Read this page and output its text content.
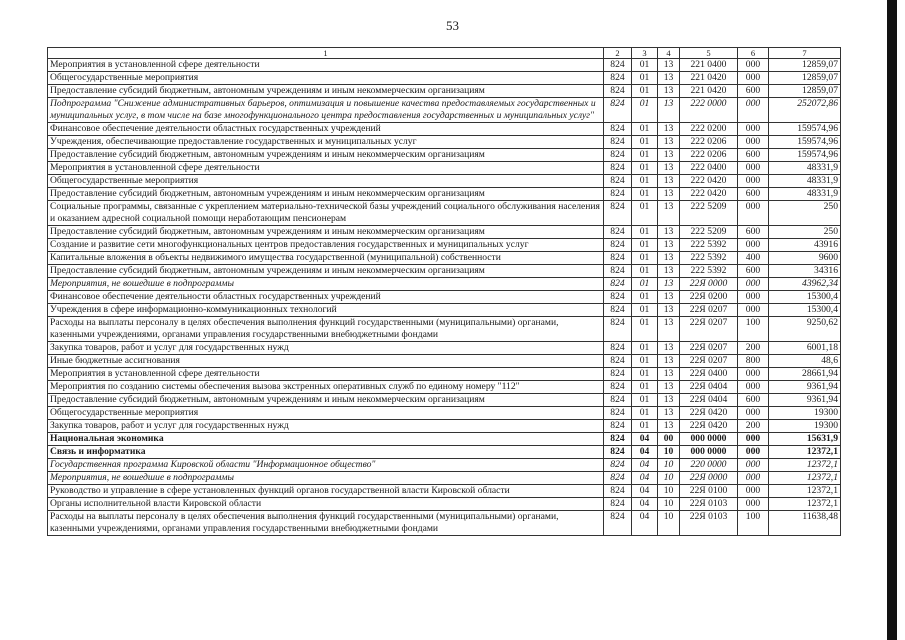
53
1	2	3	4	5	6	7
Мероприятия в установленной сфере деятельности	824	01	13	221 0400	000	12859,07
Общегосударственные мероприятия	824	01	13	221 0420	000	12859,07
Предоставление субсидий бюджетным, автономным учреждениям и иным некоммерческим организациям	824	01	13	221 0420	600	12859,07
Подпрограмма "Снижение административных барьеров, оптимизация и повышение качества предоставляемых государственных и муниципальных услуг, в том числе на базе многофункционального центра предоставления государственных и муниципальных услуг"	824	01	13	222 0000	000	252072,86
Финансовое обеспечение деятельности областных государственных учреждений	824	01	13	222 0200	000	159574,96
Учреждения, обеспечивающие предоставление государственных и муниципальных услуг	824	01	13	222 0206	000	159574,96
Предоставление субсидий бюджетным, автономным учреждениям и иным некоммерческим организациям	824	01	13	222 0206	600	159574,96
Мероприятия в установленной сфере деятельности	824	01	13	222 0400	000	48331,9
Общегосударственные мероприятия	824	01	13	222 0420	000	48331,9
Предоставление субсидий бюджетным, автономным учреждениям и иным некоммерческим организациям	824	01	13	222 0420	600	48331,9
Социальные программы, связанные с укреплением материально-технической базы учреждений социального обслуживания населения и оказанием адресной социальной помощи неработающим пенсионерам	824	01	13	222 5209	000	250
Предоставление субсидий бюджетным, автономным учреждениям и иным некоммерческим организациям	824	01	13	222 5209	600	250
Создание и развитие сети многофункциональных центров предоставления государственных и муниципальных услуг	824	01	13	222 5392	000	43916
Капитальные вложения в объекты недвижимого имущества государственной (муниципальной) собственности	824	01	13	222 5392	400	9600
Предоставление субсидий бюджетным, автономным учреждениям и иным некоммерческим организациям	824	01	13	222 5392	600	34316
Мероприятия, не вошедшие в подпрограммы	824	01	13	22Я 0000	000	43962,34
Финансовое обеспечение деятельности областных государственных учреждений	824	01	13	22Я 0200	000	15300,4
Учреждения в сфере информационно-коммуникационных технологий	824	01	13	22Я 0207	000	15300,4
Расходы на выплаты персоналу в целях обеспечения выполнения функций государственными (муниципальными) органами, казенными учреждениями, органами управления государственными внебюджетными фондами	824	01	13	22Я 0207	100	9250,62
Закупка товаров, работ и услуг для государственных нужд	824	01	13	22Я 0207	200	6001,18
Иные бюджетные ассигнования	824	01	13	22Я 0207	800	48,6
Мероприятия в установленной сфере деятельности	824	01	13	22Я 0400	000	28661,94
Мероприятия по созданию системы обеспечения вызова экстренных оперативных служб по единому номеру "112"	824	01	13	22Я 0404	000	9361,94
Предоставление субсидий бюджетным, автономным учреждениям и иным некоммерческим организациям	824	01	13	22Я 0404	600	9361,94
Общегосударственные мероприятия	824	01	13	22Я 0420	000	19300
Закупка товаров, работ и услуг для государственных нужд	824	01	13	22Я 0420	200	19300
Национальная экономика	824	04	00	000 0000	000	15631,9
Связь и информатика	824	04	10	000 0000	000	12372,1
Государственная программа Кировской области "Информационное общество"	824	04	10	220 0000	000	12372,1
Мероприятия, не вошедшие в подпрограммы	824	04	10	22Я 0000	000	12372,1
Руководство и управление в сфере установленных функций органов государственной власти Кировской области	824	04	10	22Я 0100	000	12372,1
Органы исполнительной власти Кировской области	824	04	10	22Я 0103	000	12372,1
Расходы на выплаты персоналу в целях обеспечения выполнения функций государственными (муниципальными) органами, казенными учреждениями, органами управления государственными внебюджетными фондами	824	04	10	22Я 0103	100	11638,48
